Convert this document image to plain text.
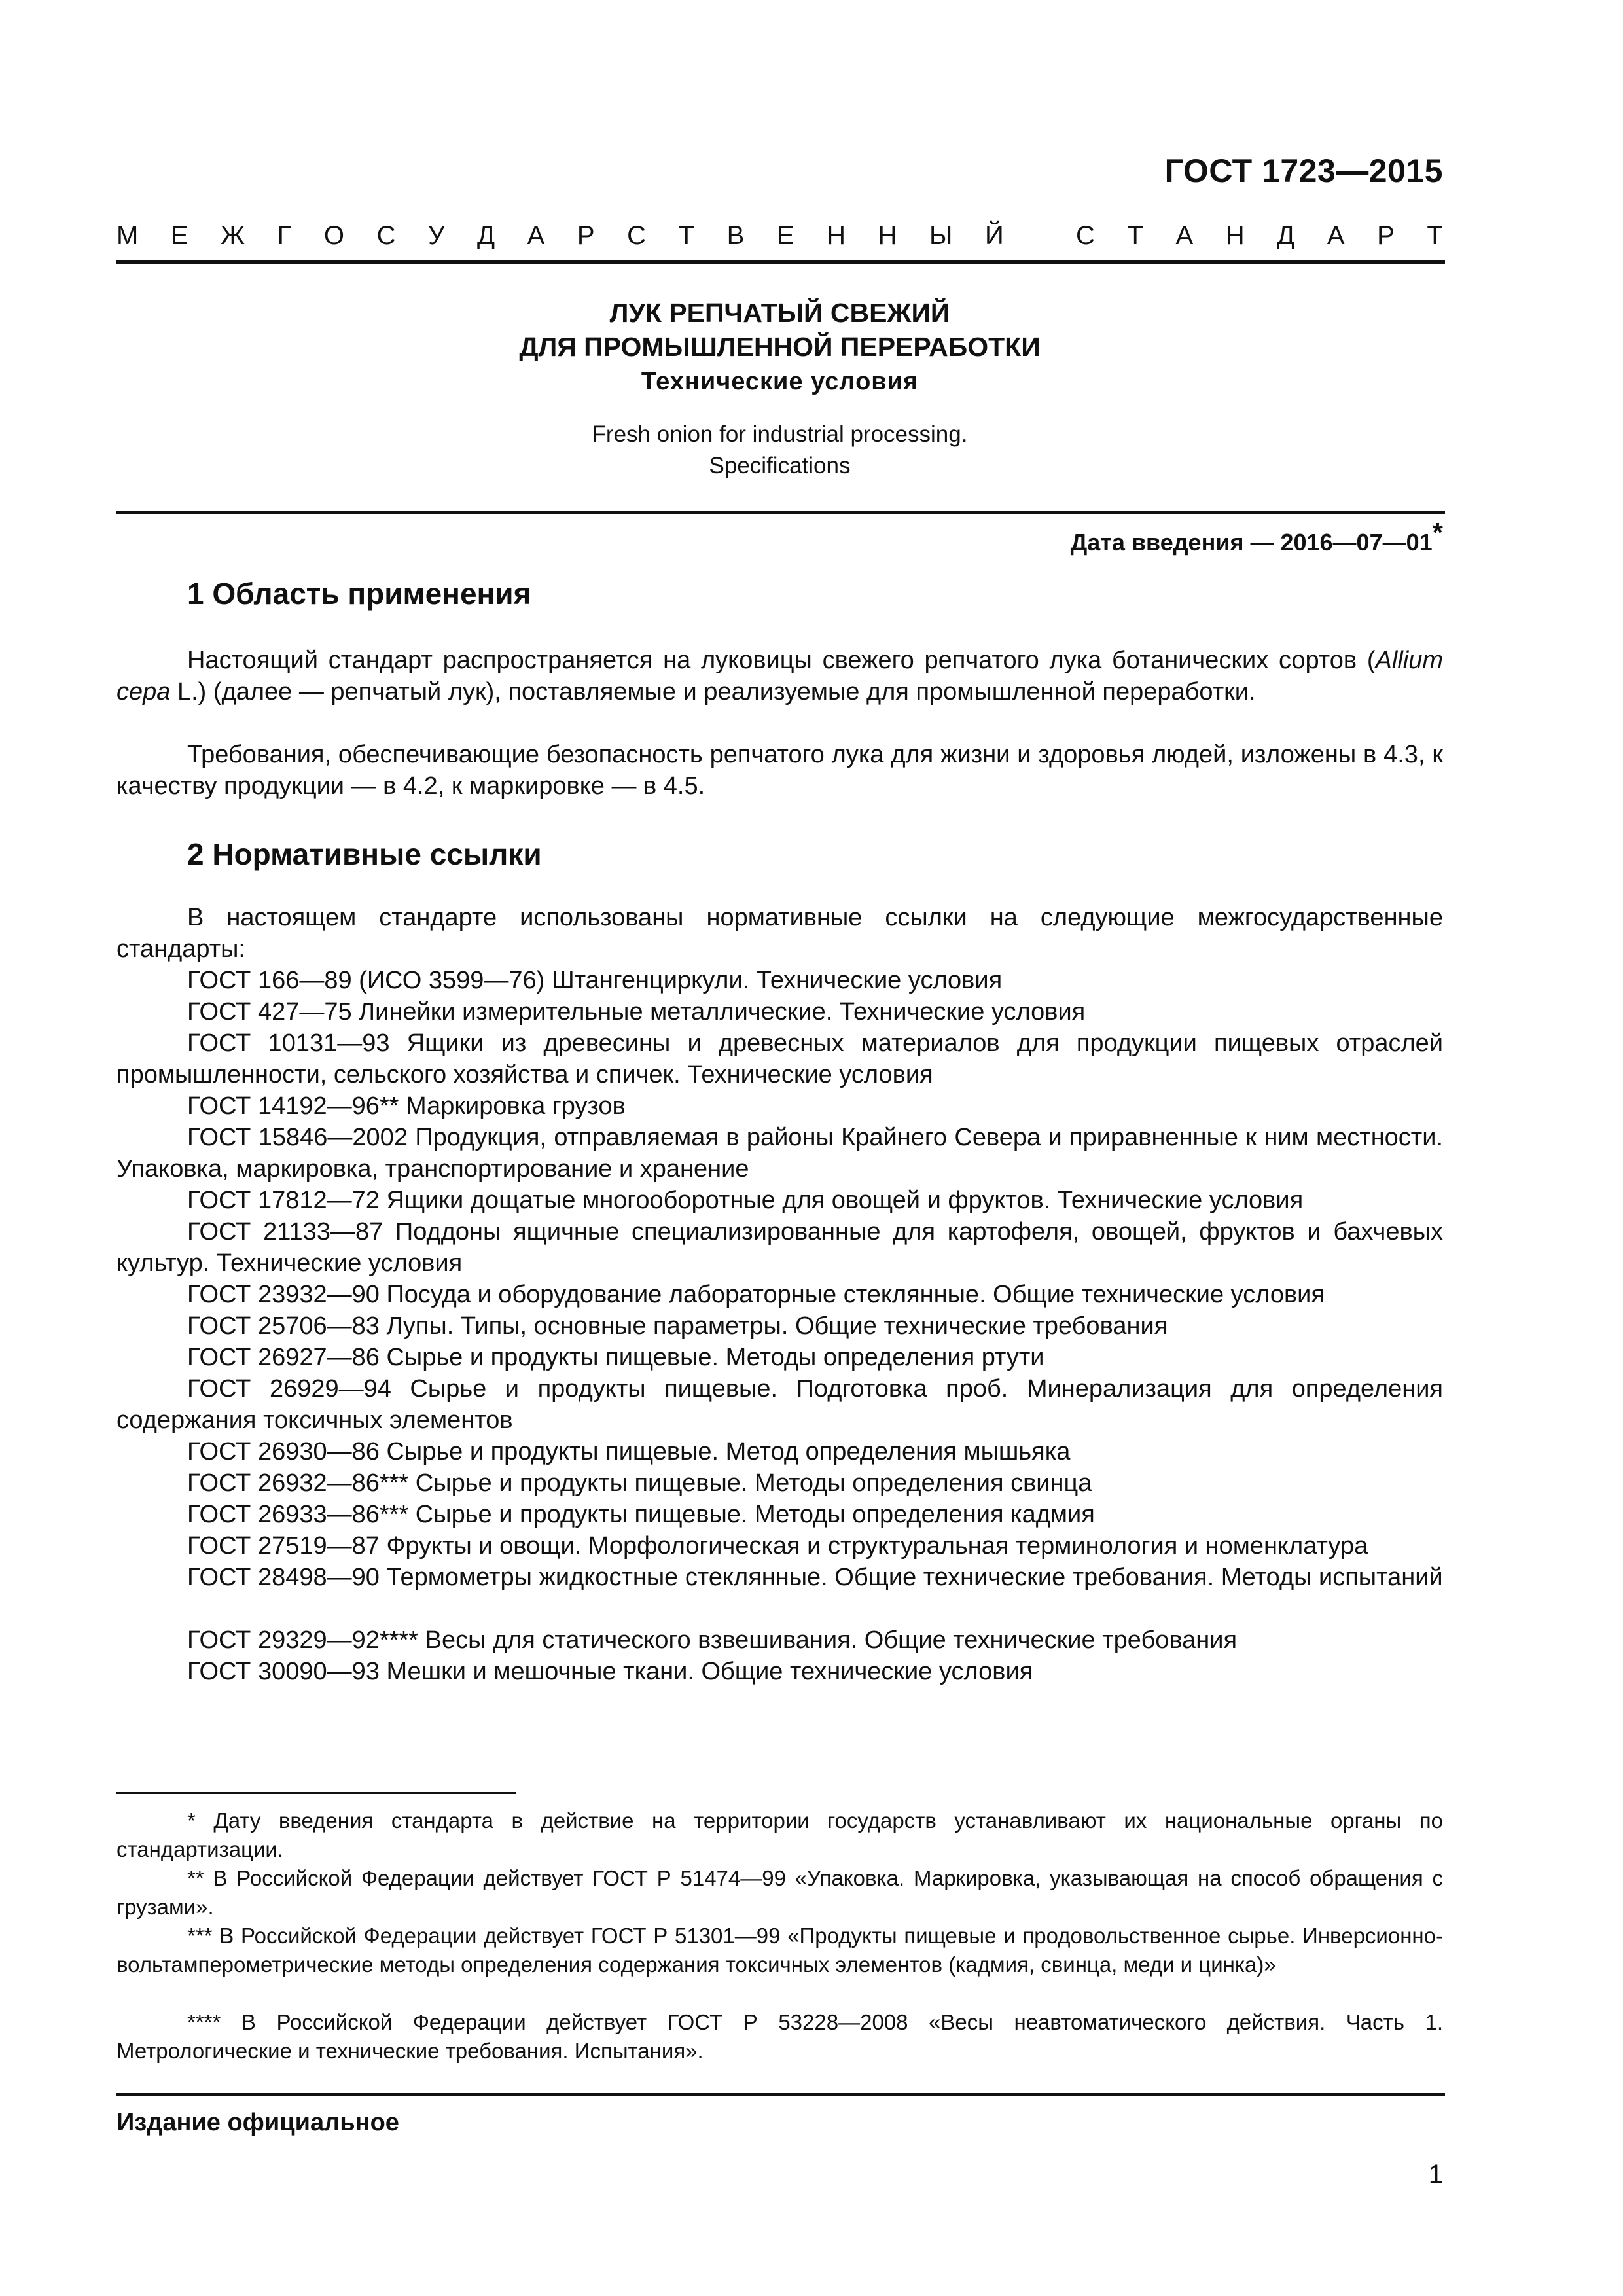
ГОСТ 1723—2015
М Е Ж Г О С У Д А Р С Т В Е Н Н Ы Й
	С Т А Н Д А Р Т
ЛУК РЕПЧАТЫЙ СВЕЖИЙ
ДЛЯ ПРОМЫШЛЕННОЙ ПЕРЕРАБОТКИ
Технические условия
Fresh onion for industrial processing.
Specifications
Дата введения — 2016—07—01*
1 Область применения

Настоящий стандарт распространяется на луковицы свежего репчатого лука ботанических сортов (Allium cepa L.) (далее — репчатый лук), поставляемые и реализуемые для промышленной переработки.

Требования, обеспечивающие безопасность репчатого лука для жизни и здоровья людей, изложены в 4.3, к качеству продукции — в 4.2, к маркировке — в 4.5.

2 Нормативные ссылки

В настоящем стандарте использованы нормативные ссылки на следующие межгосударственные стандарты:

ГОСТ 166—89 (ИСО 3599—76) Штангенциркули. Технические условия

ГОСТ 427—75 Линейки измерительные металлические. Технические условия

ГОСТ 10131—93 Ящики из древесины и древесных материалов для продукции пищевых отраслей промышленности, сельского хозяйства и спичек. Технические условия

ГОСТ 14192—96** Маркировка грузов

ГОСТ 15846—2002 Продукция, отправляемая в районы Крайнего Севера и приравненные к ним местности. Упаковка, маркировка, транспортирование и хранение

ГОСТ 17812—72 Ящики дощатые многооборотные для овощей и фруктов. Технические условия

ГОСТ 21133—87 Поддоны ящичные специализированные для картофеля, овощей, фруктов и бахчевых культур. Технические условия

ГОСТ 23932—90 Посуда и оборудование лабораторные стеклянные. Общие технические условия

ГОСТ 25706—83 Лупы. Типы, основные параметры. Общие технические требования

ГОСТ 26927—86 Сырье и продукты пищевые. Методы определения ртути

ГОСТ 26929—94 Сырье и продукты пищевые. Подготовка проб. Минерализация для определения содержания токсичных элементов

ГОСТ 26930—86 Сырье и продукты пищевые. Метод определения мышьяка

ГОСТ 26932—86*** Сырье и продукты пищевые. Методы определения свинца

ГОСТ 26933—86*** Сырье и продукты пищевые. Методы определения кадмия

ГОСТ 27519—87 Фрукты и овощи. Морфологическая и структуральная терминология и номенклатура

ГОСТ 28498—90 Термометры жидкостные стеклянные. Общие технические требования. Методы испытаний

ГОСТ 29329—92**** Весы для статического взвешивания. Общие технические требования

ГОСТ 30090—93 Мешки и мешочные ткани. Общие технические условия

* Дату введения стандарта в действие на территории государств устанавливают их национальные органы по стандартизации.

** В Российской Федерации действует ГОСТ Р 51474—99 «Упаковка. Маркировка, указывающая на способ обращения с грузами».

*** В Российской Федерации действует ГОСТ Р 51301—99 «Продукты пищевые и продовольственное сырье. Инверсионно-вольтамперометрические методы определения содержания токсичных элементов (кадмия, свинца, меди и цинка)»

**** В Российской Федерации действует ГОСТ Р 53228—2008 «Весы неавтоматического действия. Часть 1. Метрологические и технические требования. Испытания».

Издание официальное
1
